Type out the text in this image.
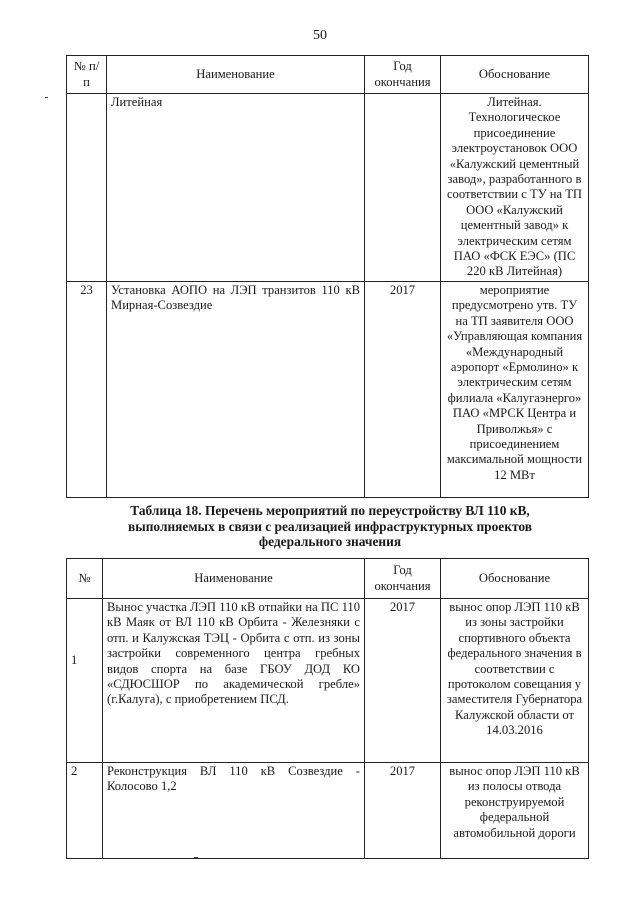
50
№ п/п	Наименование	Год окончания	Обоснование
	Литейная		Литейная. Технологическое присоединение электроустановок ООО «Калужский цементный завод», разработанного в соответствии с ТУ на ТП ООО «Калужский цементный завод» к электрическим сетям ПАО «ФСК ЕЭС» (ПС 220 кВ Литейная)
23	Установка АОПО на ЛЭП транзитов 110 кВ Мирная-Созвездие	2017	мероприятие предусмотрено утв. ТУ на ТП заявителя ООО «Управляющая компания «Международный аэропорт «Ермолино» к электрическим сетям филиала «Калугаэнерго» ПАО «МРСК Центра и Приволжья» с присоединением максимальной мощности 12 МВт
Таблица 18. Перечень мероприятий по переустройству ВЛ 110 кВ, выполняемых в связи с реализацией инфраструктурных проектов федерального значения
№	Наименование	Год окончания	Обоснование
1	Вынос участка ЛЭП 110 кВ отпайки на ПС 110 кВ Маяк от ВЛ 110 кВ Орбита - Железняки с отп. и Калужская ТЭЦ - Орбита с отп. из зоны застройки современного центра гребных видов спорта на базе ГБОУ ДОД КО «СДЮСШОР по академической гребле» (г.Калуга), с приобретением ПСД.	2017	вынос опор ЛЭП 110 кВ из зоны застройки спортивного объекта федерального значения в соответствии с протоколом совещания у заместителя Губернатора Калужской области от 14.03.2016
2	Реконструкция ВЛ 110 кВ Созвездие - Колосово 1,2	2017	вынос опор ЛЭП 110 кВ из полосы отвода реконструируемой федеральной автомобильной дороги
